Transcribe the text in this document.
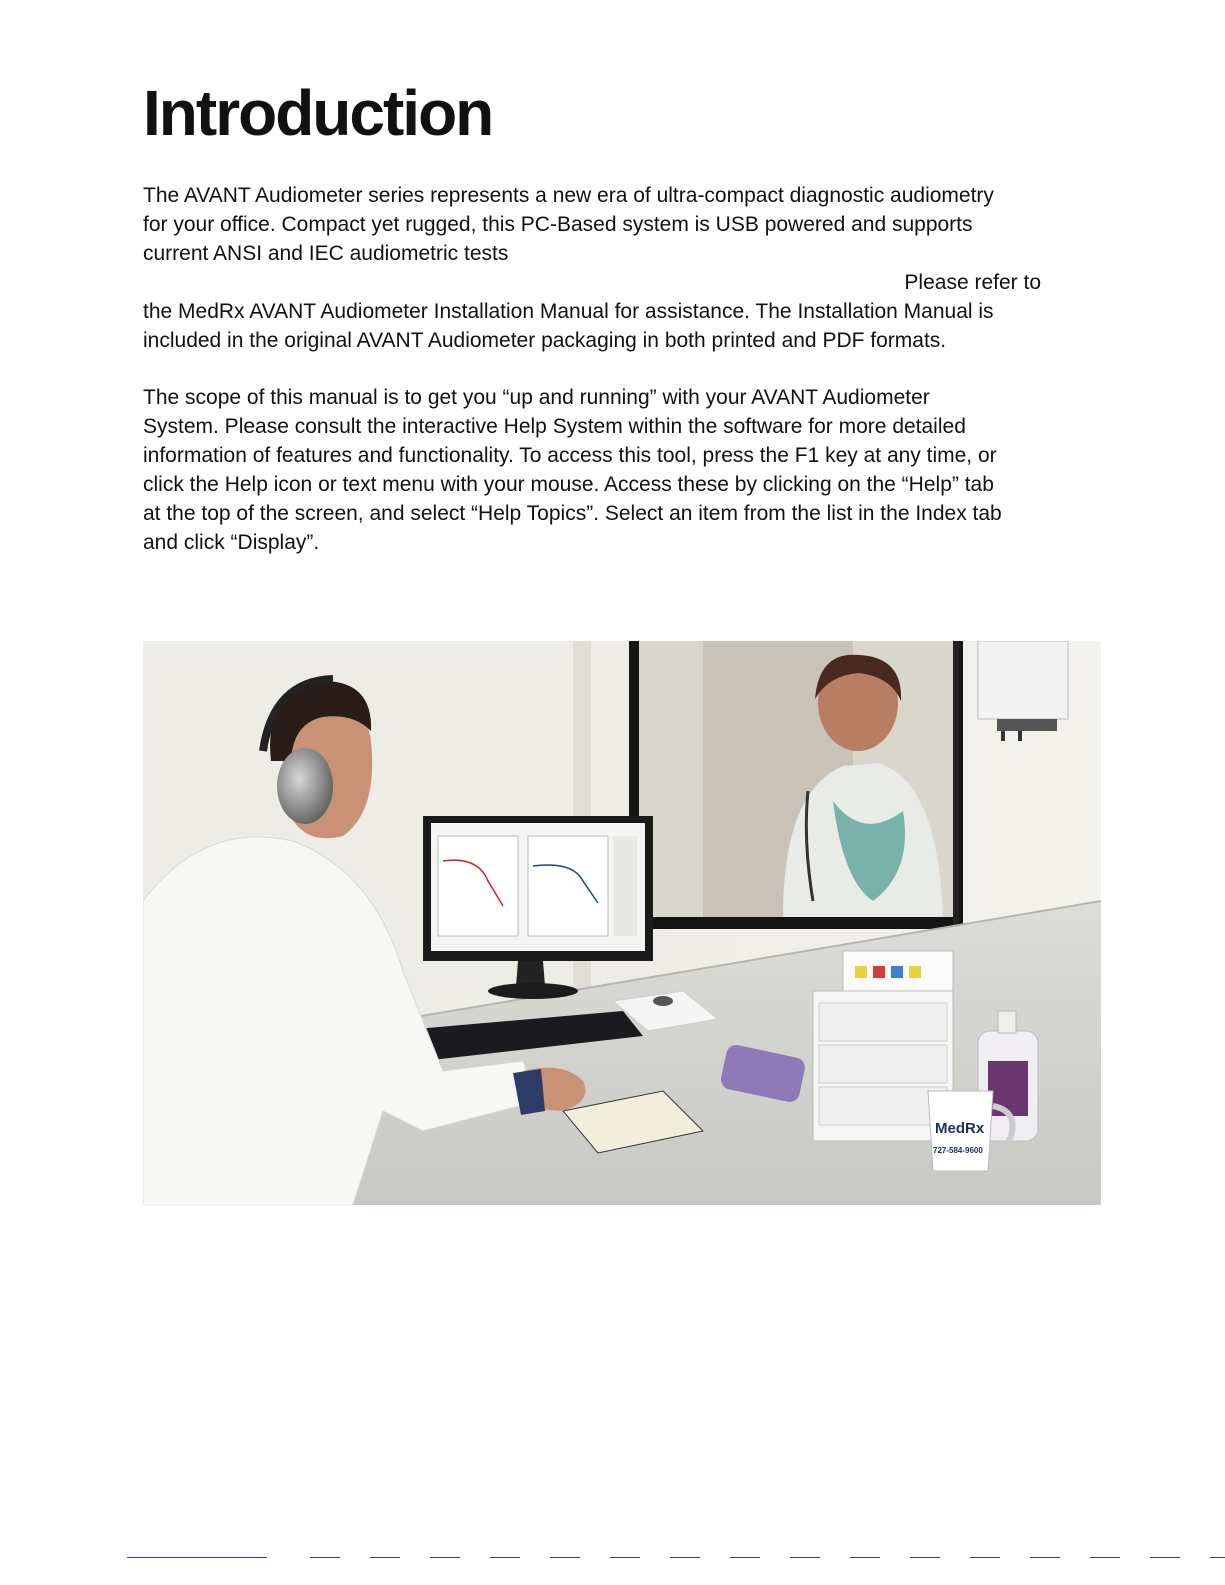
Introduction
The AVANT Audiometer series represents a new era of ultra-compact diagnostic audiometry
for your office. Compact yet rugged, this PC-Based system is USB powered and supports
current ANSI and IEC audiometric tests
Please refer to
the MedRx AVANT Audiometer Installation Manual for assistance. The Installation Manual is
included in the original AVANT Audiometer packaging in both printed and PDF formats.
The scope of this manual is to get you “up and running” with your AVANT Audiometer
System. Please consult the interactive Help System within the software for more detailed
information of features and functionality. To access this tool, press the F1 key at any time, or
click the Help icon or text menu with your mouse. Access these by clicking on the “Help” tab
at the top of the screen, and select “Help Topics”. Select an item from the list in the Index tab
and click “Display”.
MedRx
727-584-9600
